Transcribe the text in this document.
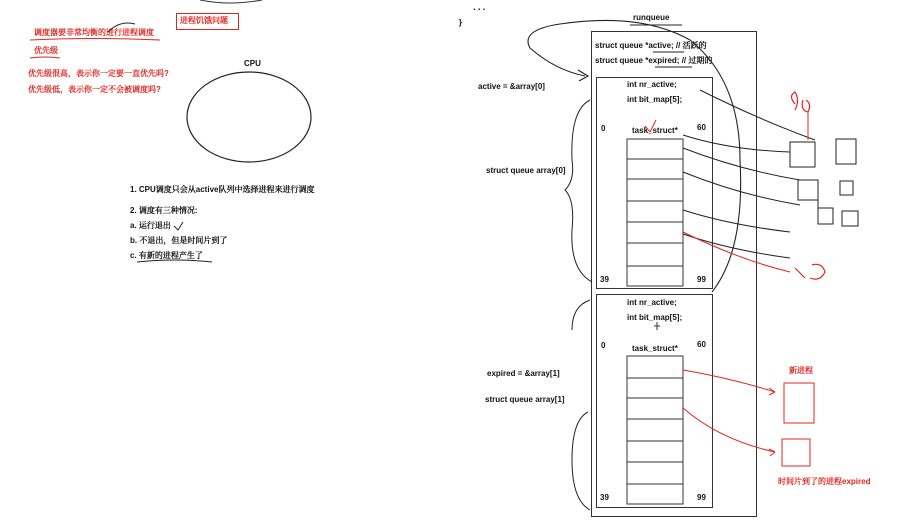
进程饥饿问题
调度器要非常均衡的进行进程调度
优先级
优先级很高，表示你一定要一直优先吗?
优先级低，表示你一定不会被调度吗?
CPU
1. CPU调度只会从active队列中选择进程来进行调度
2. 调度有三种情况:
a. 运行退出
b. 不退出，但是时间片到了
c. 有新的进程产生了
...
}
runqueue
struct queue *active; // 活跃的
struct queue *expired; // 过期的
active = &array[0]
struct queue array[0]
expired = &array[1]
struct queue array[1]
int nr_active;
int bit_map[5];
0	task_struct* 60
39	99
int nr_active;
int bit_map[5];
0	task_struct* 60
39	99
新进程
时间片到了的进程expired
